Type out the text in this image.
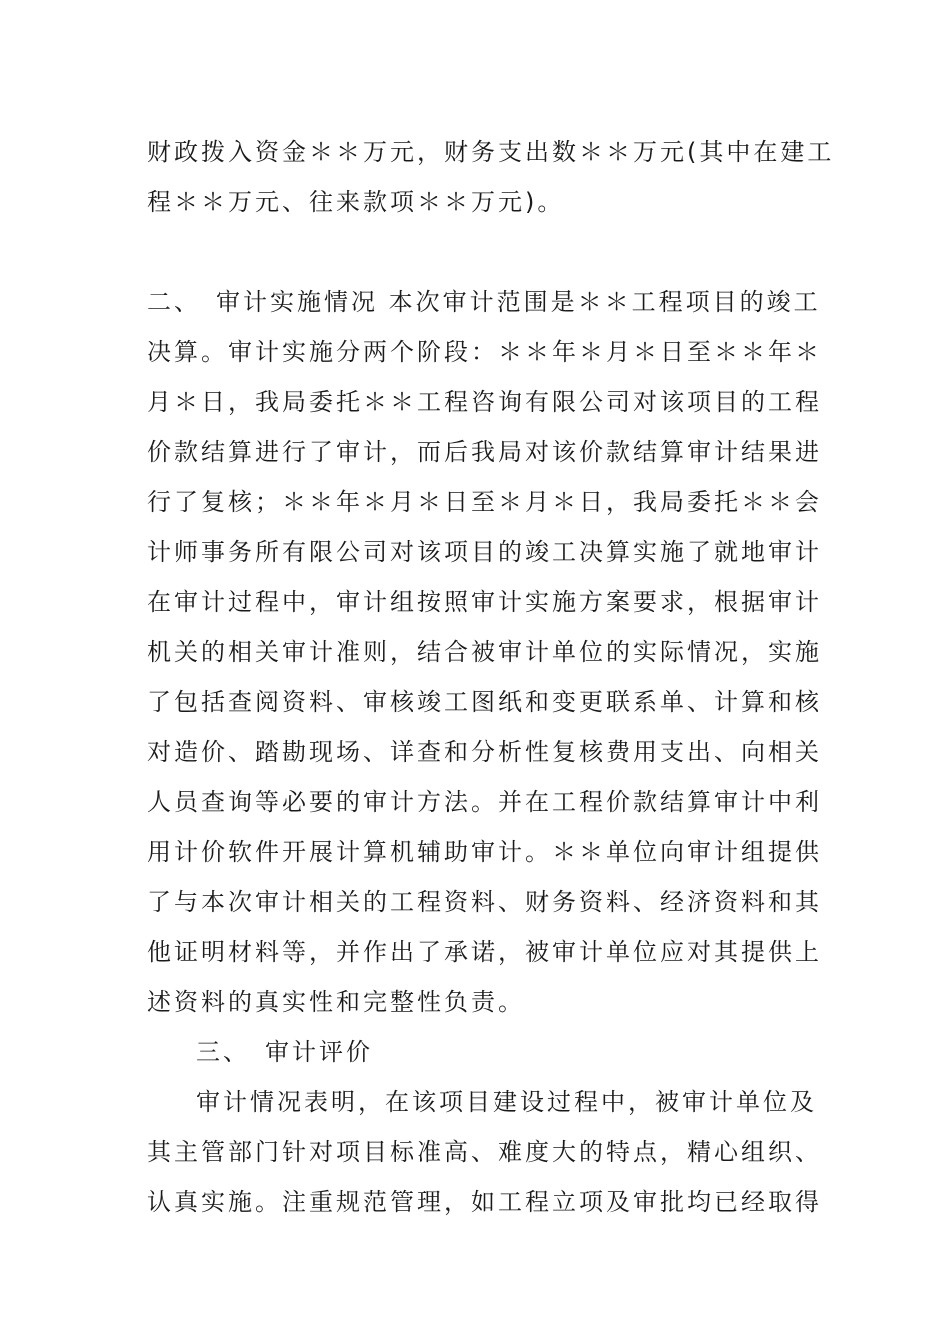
财政拨入资金＊＊万元，财务支出数＊＊万元(其中在建工
程＊＊万元、往来款项＊＊万元)。
二、　审计实施情况 本次审计范围是＊＊工程项目的竣工
决算。审计实施分两个阶段：＊＊年＊月＊日至＊＊年＊
月＊日，我局委托＊＊工程咨询有限公司对该项目的工程
价款结算进行了审计，而后我局对该价款结算审计结果进
行了复核；＊＊年＊月＊日至＊月＊日，我局委托＊＊会
计师事务所有限公司对该项目的竣工决算实施了就地审计
在审计过程中，审计组按照审计实施方案要求，根据审计
机关的相关审计准则，结合被审计单位的实际情况，实施
了包括查阅资料、审核竣工图纸和变更联系单、计算和核
对造价、踏勘现场、详查和分析性复核费用支出、向相关
人员查询等必要的审计方法。并在工程价款结算审计中利
用计价软件开展计算机辅助审计。＊＊单位向审计组提供
了与本次审计相关的工程资料、财务资料、经济资料和其
他证明材料等，并作出了承诺，被审计单位应对其提供上
述资料的真实性和完整性负责。
三、　审计评价
审计情况表明，在该项目建设过程中，被审计单位及
其主管部门针对项目标准高、难度大的特点，精心组织、
认真实施。注重规范管理，如工程立项及审批均已经取得
